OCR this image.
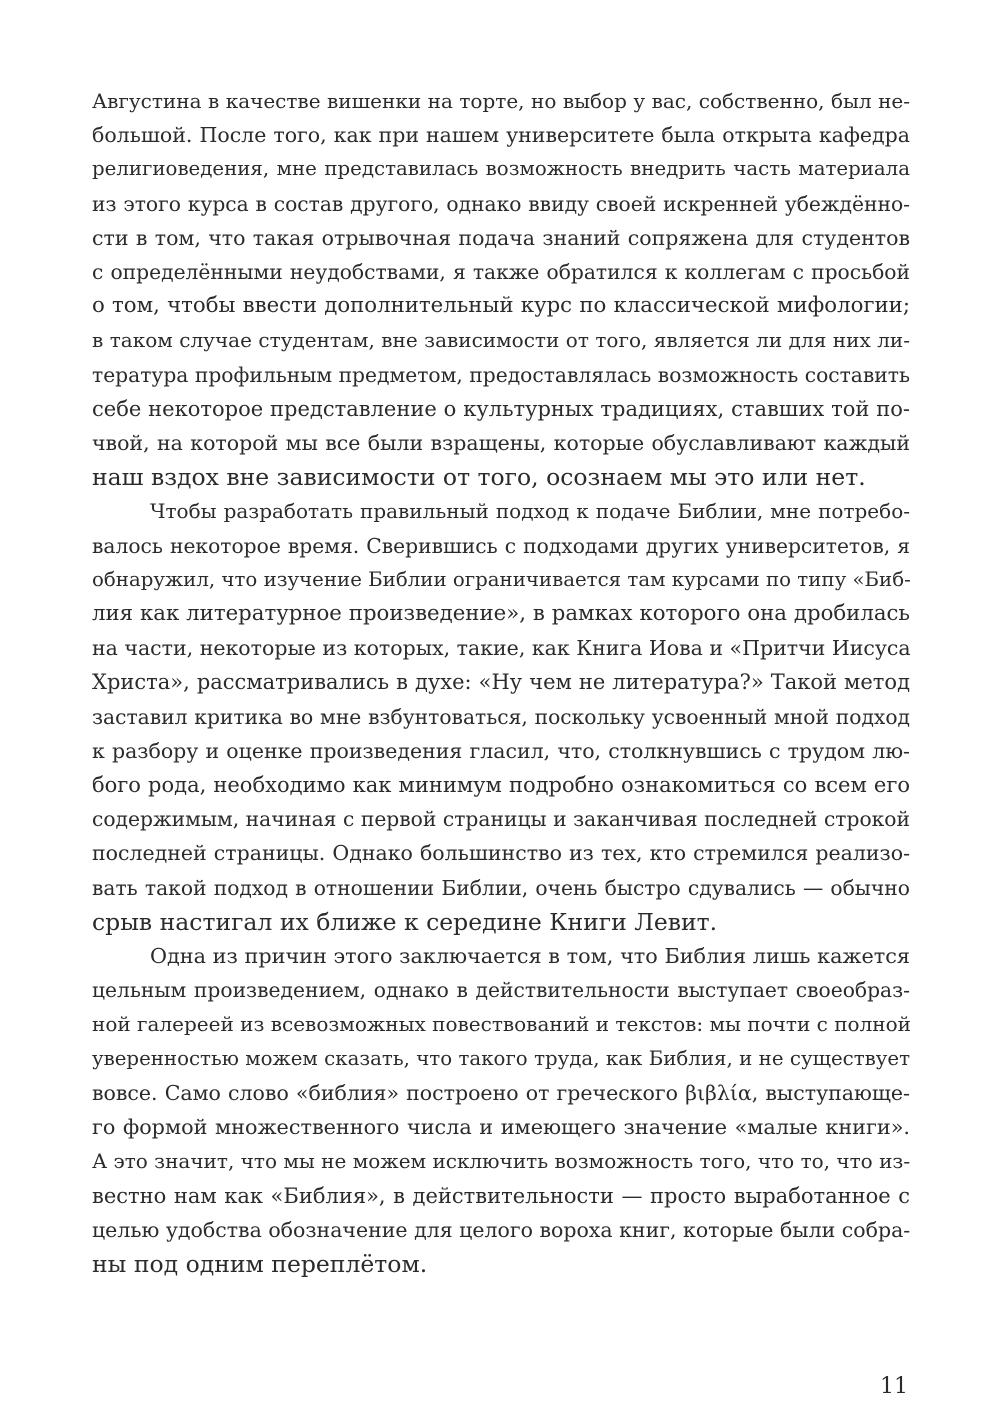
Августина в качестве вишенки на торте, но выбор у вас, собственно, был не-
большой. После того, как при нашем университете была открыта кафедра
религиоведения, мне представилась возможность внедрить часть материала
из этого курса в состав другого, однако ввиду своей искренней убеждённо-
сти в том, что такая отрывочная подача знаний сопряжена для студентов
с определёнными неудобствами, я также обратился к коллегам с просьбой
о том, чтобы ввести дополнительный курс по классической мифологии;
в таком случае студентам, вне зависимости от того, является ли для них ли-
тература профильным предметом, предоставлялась возможность составить
себе некоторое представление о культурных традициях, ставших той по-
чвой, на которой мы все были взращены, которые обуславливают каждый
наш вздох вне зависимости от того, осознаем мы это или нет.
Чтобы разработать правильный подход к подаче Библии, мне потребо-
валось некоторое время. Сверившись с подходами других университетов, я
обнаружил, что изучение Библии ограничивается там курсами по типу «Биб-
лия как литературное произведение», в рамках которого она дробилась
на части, некоторые из которых, такие, как Книга Иова и «Притчи Иисуса
Христа», рассматривались в духе: «Ну чем не литература?» Такой метод
заставил критика во мне взбунтоваться, поскольку усвоенный мной подход
к разбору и оценке произведения гласил, что, столкнувшись с трудом лю-
бого рода, необходимо как минимум подробно ознакомиться со всем его
содержимым, начиная с первой страницы и заканчивая последней строкой
последней страницы. Однако большинство из тех, кто стремился реализо-
вать такой подход в отношении Библии, очень быстро сдувались — обычно
срыв настигал их ближе к середине Книги Левит.
Одна из причин этого заключается в том, что Библия лишь кажется
цельным произведением, однако в действительности выступает своеобраз-
ной галереей из всевозможных повествований и текстов: мы почти с полной
уверенностью можем сказать, что такого труда, как Библия, и не существует
вовсе. Само слово «библия» построено от греческого βιβλία, выступающе-
го формой множественного числа и имеющего значение «малые книги».
А это значит, что мы не можем исключить возможность того, что то, что из-
вестно нам как «Библия», в действительности — просто выработанное с
целью удобства обозначение для целого вороха книг, которые были собра-
ны под одним переплётом.
11
